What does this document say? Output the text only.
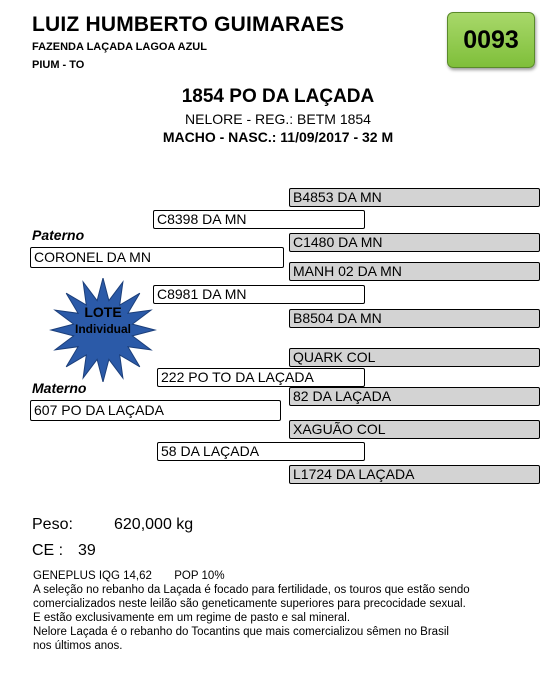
LUIZ HUMBERTO GUIMARAES
FAZENDA LAÇADA LAGOA AZUL
PIUM - TO
0093
1854 PO DA LAÇADA
NELORE - REG.: BETM 1854
MACHO - NASC.: 11/09/2017 - 32 M
B4853 DA MN
C8398 DA MN
Paterno	C1480 DA MN
CORONEL DA MN
MANH 02 DA MN
C8981 DA MN
B8504 DA MN
LOTE
Individual
QUARK COL
222 PO TO DA LAÇADA
Materno	82 DA LAÇADA
607 PO DA LAÇADA
XAGUÃO COL
58 DA LAÇADA
L1724 DA LAÇADA
Peso:	620,000 kg
CE : 39
GENEPLUS IQG 14,62       POP 10%
A seleção no rebanho da Laçada é focado para fertilidade, os touros que estão sendo
comercializados neste leilão são geneticamente superiores para precocidade sexual.
E estão exclusivamente em um regime de pasto e sal mineral.
Nelore Laçada é o rebanho do Tocantins que mais comercializou sêmen no Brasil
nos últimos anos.
